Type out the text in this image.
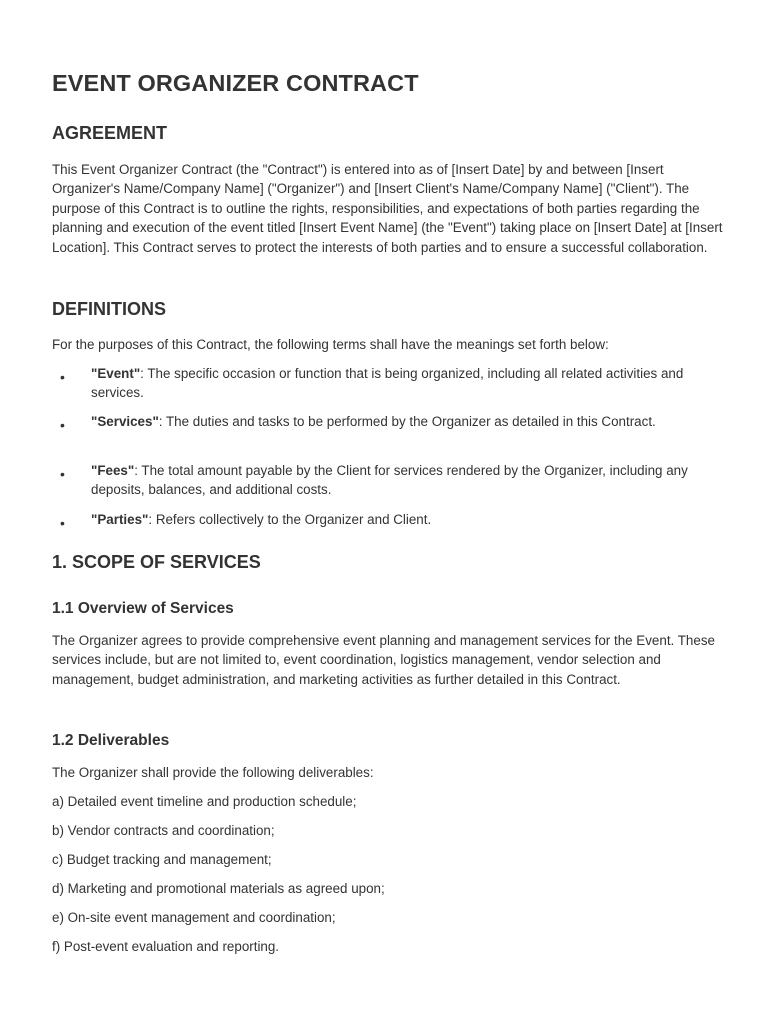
EVENT ORGANIZER CONTRACT
AGREEMENT

This Event Organizer Contract (the "Contract") is entered into as of [Insert Date] by and between [Insert Organizer's Name/Company Name] ("Organizer") and [Insert Client's Name/Company Name] ("Client"). The purpose of this Contract is to outline the rights, responsibilities, and expectations of both parties regarding the planning and execution of the event titled [Insert Event Name] (the "Event") taking place on [Insert Date] at [Insert Location]. This Contract serves to protect the interests of both parties and to ensure a successful collaboration.

DEFINITIONS

For the purposes of this Contract, the following terms shall have the meanings set forth below:

• "Event": The specific occasion or function that is being organized, including all related activities and services.
• "Services": The duties and tasks to be performed by the Organizer as detailed in this Contract.
• "Fees": The total amount payable by the Client for services rendered by the Organizer, including any deposits, balances, and additional costs.
• "Parties": Refers collectively to the Organizer and Client.
1. SCOPE OF SERVICES
1.1 Overview of Services

The Organizer agrees to provide comprehensive event planning and management services for the Event. These services include, but are not limited to, event coordination, logistics management, vendor selection and management, budget administration, and marketing activities as further detailed in this Contract.

1.2 Deliverables

The Organizer shall provide the following deliverables:

a) Detailed event timeline and production schedule;
b) Vendor contracts and coordination;
c) Budget tracking and management;
d) Marketing and promotional materials as agreed upon;
e) On-site event management and coordination;
f) Post-event evaluation and reporting.
